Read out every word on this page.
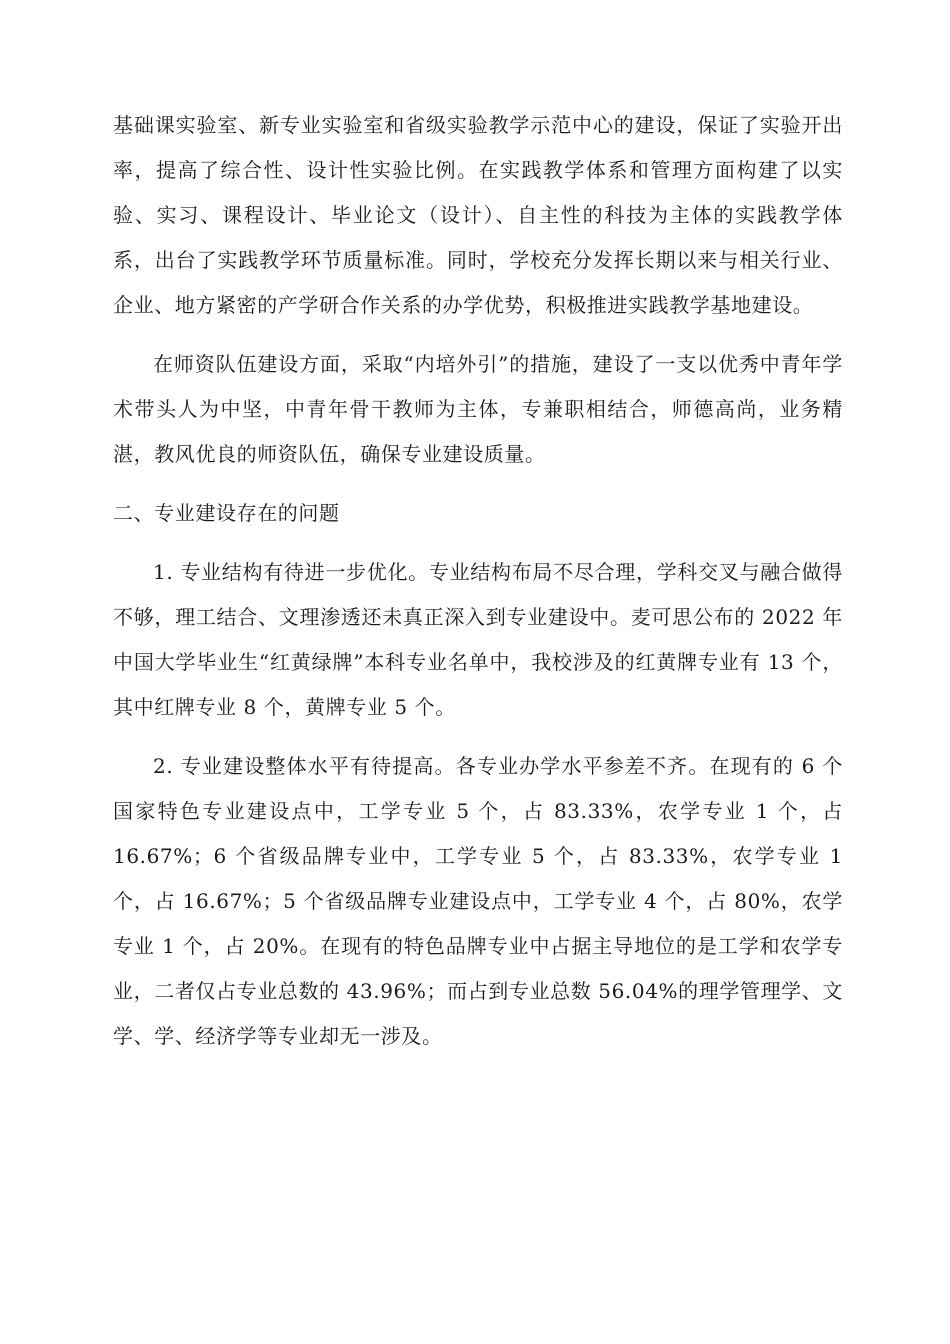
基础课实验室、新专业实验室和省级实验教学示范中心的建设，保证了实验开出率，提高了综合性、设计性实验比例。在实践教学体系和管理方面构建了以实验、实习、课程设计、毕业论文（设计）、自主性的科技为主体的实践教学体系，出台了实践教学环节质量标准。同时，学校充分发挥长期以来与相关行业、企业、地方紧密的产学研合作关系的办学优势，积极推进实践教学基地建设。

在师资队伍建设方面，采取“内培外引”的措施，建设了一支以优秀中青年学术带头人为中坚，中青年骨干教师为主体，专兼职相结合，师德高尚，业务精湛，教风优良的师资队伍，确保专业建设质量。

二、专业建设存在的问题

1. 专业结构有待进一步优化。专业结构布局不尽合理，学科交叉与融合做得不够，理工结合、文理渗透还未真正深入到专业建设中。麦可思公布的 2022 年中国大学毕业生“红黄绿牌”本科专业名单中，我校涉及的红黄牌专业有 13 个，其中红牌专业 8 个，黄牌专业 5 个。

2. 专业建设整体水平有待提高。各专业办学水平参差不齐。在现有的 6 个国家特色专业建设点中，工学专业 5 个，占 83.33%，农学专业 1 个，占 16.67%；6 个省级品牌专业中，工学专业 5 个，占 83.33%，农学专业 1 个，占 16.67%；5 个省级品牌专业建设点中，工学专业 4 个，占 80%，农学专业 1 个，占 20%。在现有的特色品牌专业中占据主导地位的是工学和农学专业，二者仅占专业总数的 43.96%；而占到专业总数 56.04%的理学管理学、文学、学、经济学等专业却无一涉及。
